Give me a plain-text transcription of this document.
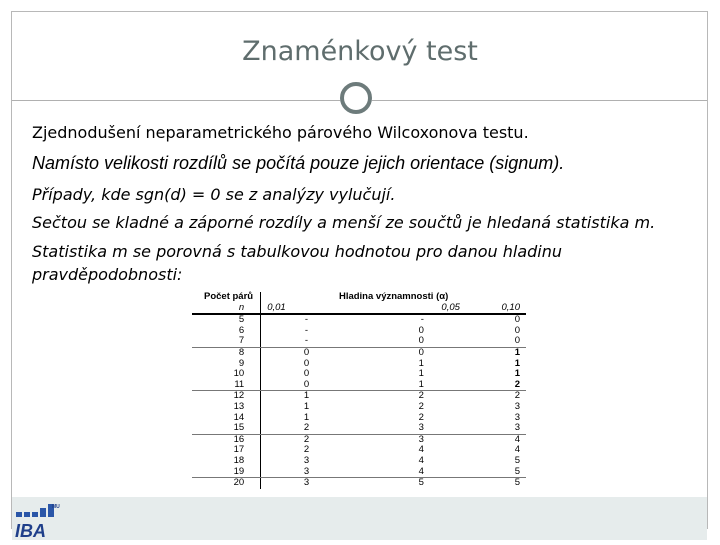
Znaménkový test
Zjednodušení neparametrického párového Wilcoxonova testu.
Namísto velikosti rozdílů se počítá pouze jejich orientace (signum).
Případy, kde sgn(d) = 0 se z analýzy vylučují.
Sečtou se kladné a záporné rozdíly a menší ze součtů je hledaná statistika m.
Statistika m se porovná s tabulkovou hodnotou pro danou hladinu
pravděpodobnosti:
Počet párů	Hladina významnosti (α)		
n	0,01	0,05	0,10
5	-	-	0
6	-	0	0
7	-	0	0
8	0	0	1
9	0	1	1
10	0	1	1
11	0	1	2
12	1	2	2
13	1	2	3
14	1	2	3
15	2	3	3
16	2	3	4
17	2	4	4
18	3	4	5
19	3	4	5
20	3	5	5
MU
IBA
